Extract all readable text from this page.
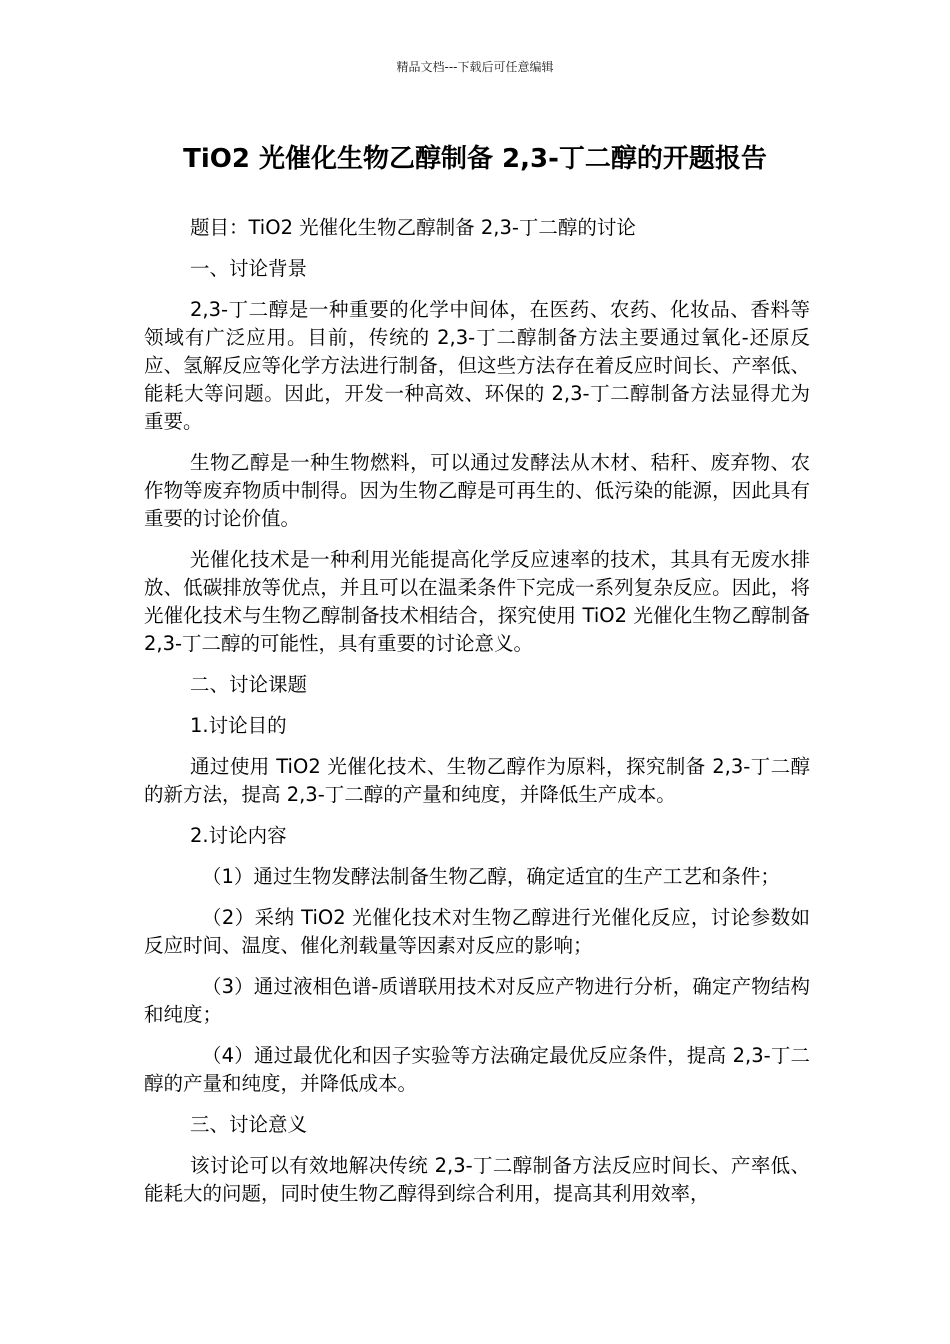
精品文档---下载后可任意编辑
TiO2 光催化生物乙醇制备 2,3-丁二醇的开题报告

题目：TiO2 光催化生物乙醇制备 2,3-丁二醇的讨论

一、讨论背景

2,3-丁二醇是一种重要的化学中间体，在医药、农药、化妆品、香料等领域有广泛应用。目前，传统的 2,3-丁二醇制备方法主要通过氧化-还原反应、氢解反应等化学方法进行制备，但这些方法存在着反应时间长、产率低、能耗大等问题。因此，开发一种高效、环保的 2,3-丁二醇制备方法显得尤为重要。

生物乙醇是一种生物燃料，可以通过发酵法从木材、秸秆、废弃物、农作物等废弃物质中制得。因为生物乙醇是可再生的、低污染的能源，因此具有重要的讨论价值。

光催化技术是一种利用光能提高化学反应速率的技术，其具有无废水排放、低碳排放等优点，并且可以在温柔条件下完成一系列复杂反应。因此，将光催化技术与生物乙醇制备技术相结合，探究使用 TiO2 光催化生物乙醇制备 2,3-丁二醇的可能性，具有重要的讨论意义。

二、讨论课题

1.讨论目的

通过使用 TiO2 光催化技术、生物乙醇作为原料，探究制备 2,3-丁二醇的新方法，提高 2,3-丁二醇的产量和纯度，并降低生产成本。

2.讨论内容

（1）通过生物发酵法制备生物乙醇，确定适宜的生产工艺和条件；

（2）采纳 TiO2 光催化技术对生物乙醇进行光催化反应，讨论参数如反应时间、温度、催化剂载量等因素对反应的影响；

（3）通过液相色谱-质谱联用技术对反应产物进行分析，确定产物结构和纯度；

（4）通过最优化和因子实验等方法确定最优反应条件，提高 2,3-丁二醇的产量和纯度，并降低成本。

三、讨论意义

该讨论可以有效地解决传统 2,3-丁二醇制备方法反应时间长、产率低、能耗大的问题，同时使生物乙醇得到综合利用，提高其利用效率，
